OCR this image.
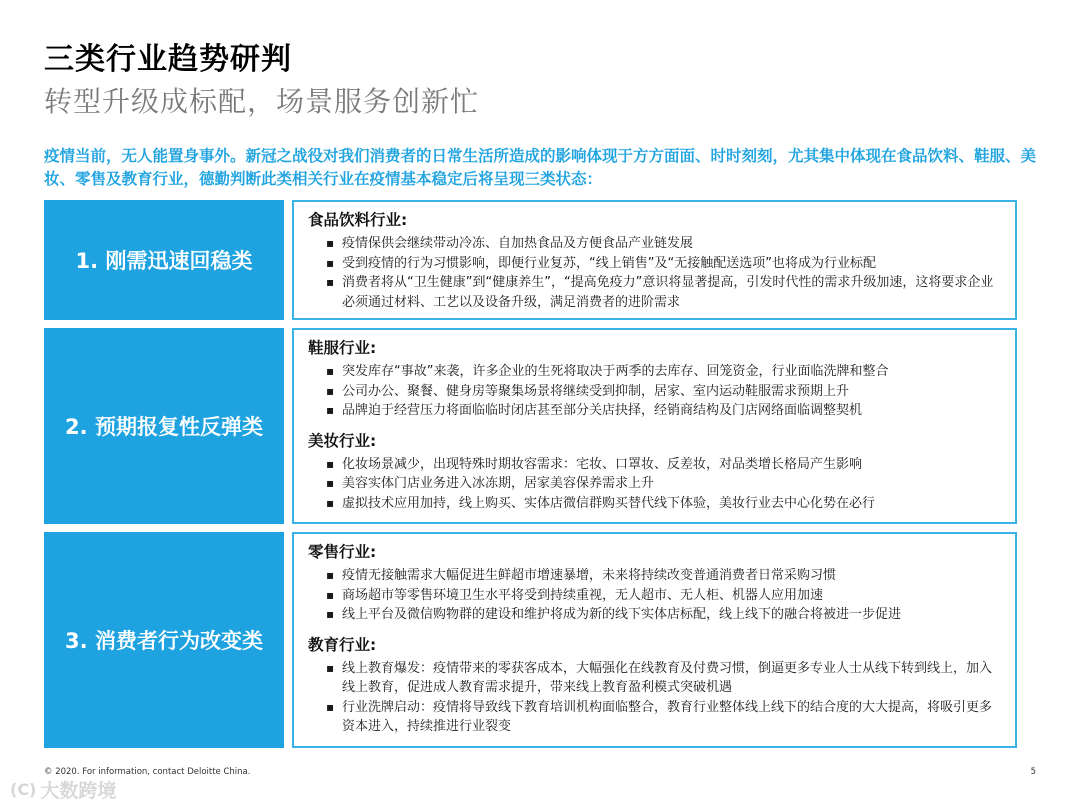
三类行业趋势研判
转型升级成标配，场景服务创新忙
疫情当前，无人能置身事外。新冠之战役对我们消费者的日常生活所造成的影响体现于方方面面、时时刻刻，尤其集中体现在食品饮料、鞋服、美妆、零售及教育行业，德勤判断此类相关行业在疫情基本稳定后将呈现三类状态：
1. 刚需迅速回稳类
食品饮料行业:
▪ 疫情保供会继续带动冷冻、自加热食品及方便食品产业链发展
▪ 受到疫情的行为习惯影响，即便行业复苏，“线上销售”及“无接触配送选项”也将成为行业标配
▪ 消费者将从“卫生健康”到“健康养生”，“提高免疫力”意识将显著提高，引发时代性的需求升级加速，这将要求企业必须通过材料、工艺以及设备升级，满足消费者的进阶需求
2. 预期报复性反弹类
鞋服行业:
▪ 突发库存“事故”来袭，许多企业的生死将取决于两季的去库存、回笼资金，行业面临洗牌和整合
▪ 公司办公、聚餐、健身房等聚集场景将继续受到抑制，居家、室内运动鞋服需求预期上升
▪ 品牌迫于经营压力将面临临时闭店甚至部分关店抉择，经销商结构及门店网络面临调整契机
美妆行业:
▪ 化妆场景减少，出现特殊时期妆容需求：宅妆、口罩妆、反差妆，对品类增长格局产生影响
▪ 美容实体门店业务进入冰冻期，居家美容保养需求上升
▪ 虚拟技术应用加持，线上购买、实体店微信群购买替代线下体验，美妆行业去中心化势在必行
3. 消费者行为改变类
零售行业:
▪ 疫情无接触需求大幅促进生鲜超市增速暴增，未来将持续改变普通消费者日常采购习惯
▪ 商场超市等零售环境卫生水平将受到持续重视，无人超市、无人柜、机器人应用加速
▪ 线上平台及微信购物群的建设和维护将成为新的线下实体店标配，线上线下的融合将被进一步促进
教育行业:
▪ 线上教育爆发：疫情带来的零获客成本，大幅强化在线教育及付费习惯，倒逼更多专业人士从线下转到线上，加入线上教育，促进成人教育需求提升，带来线上教育盈利模式突破机遇
▪ 行业洗牌启动：疫情将导致线下教育培训机构面临整合，教育行业整体线上线下的结合度的大大提高，将吸引更多资本进入，持续推进行业裂变
© 2020. For information, contact Deloitte China.	5
(C) 大数跨境
